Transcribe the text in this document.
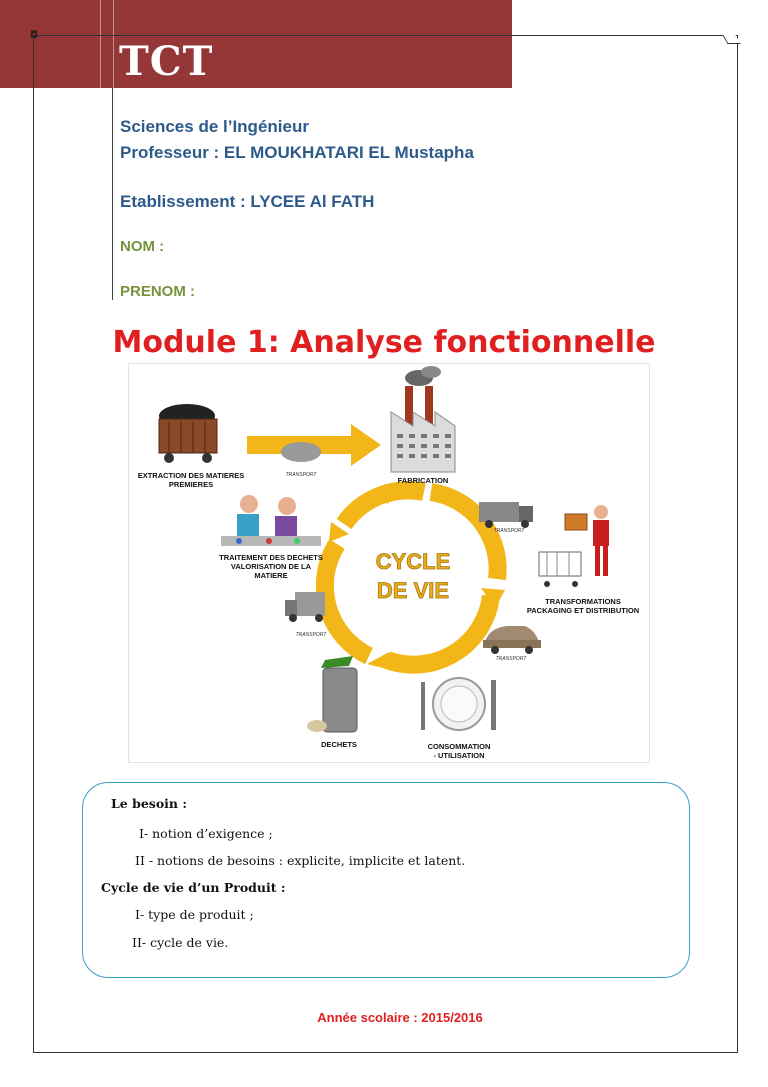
◘
TCT
Sciences de l’Ingénieur
Professeur : EL MOUKHATARI EL Mustapha
Etablissement : LYCEE Al FATH
NOM :
PRENOM :
Module 1: Analyse fonctionnelle
CYCLE
DE VIE
TRANSPORT
EXTRACTION DES MATIERES
PREMIERES	FABRICATION
TRANSPORT
TRANSFORMATIONS
PACKAGING ET DISTRIBUTION
TRANSPORT
CONSOMMATION
- UTILISATION
DECHETS
TRANSPORT
TRAITEMENT DES DECHETS
VALORISATION DE LA
MATIERE
Le besoin :
I- notion d’exigence ;
II - notions de besoins : explicite, implicite et latent.
Cycle de vie d’un Produit :
I- type de produit ;
II- cycle de vie.
Année scolaire : 2015/2016
